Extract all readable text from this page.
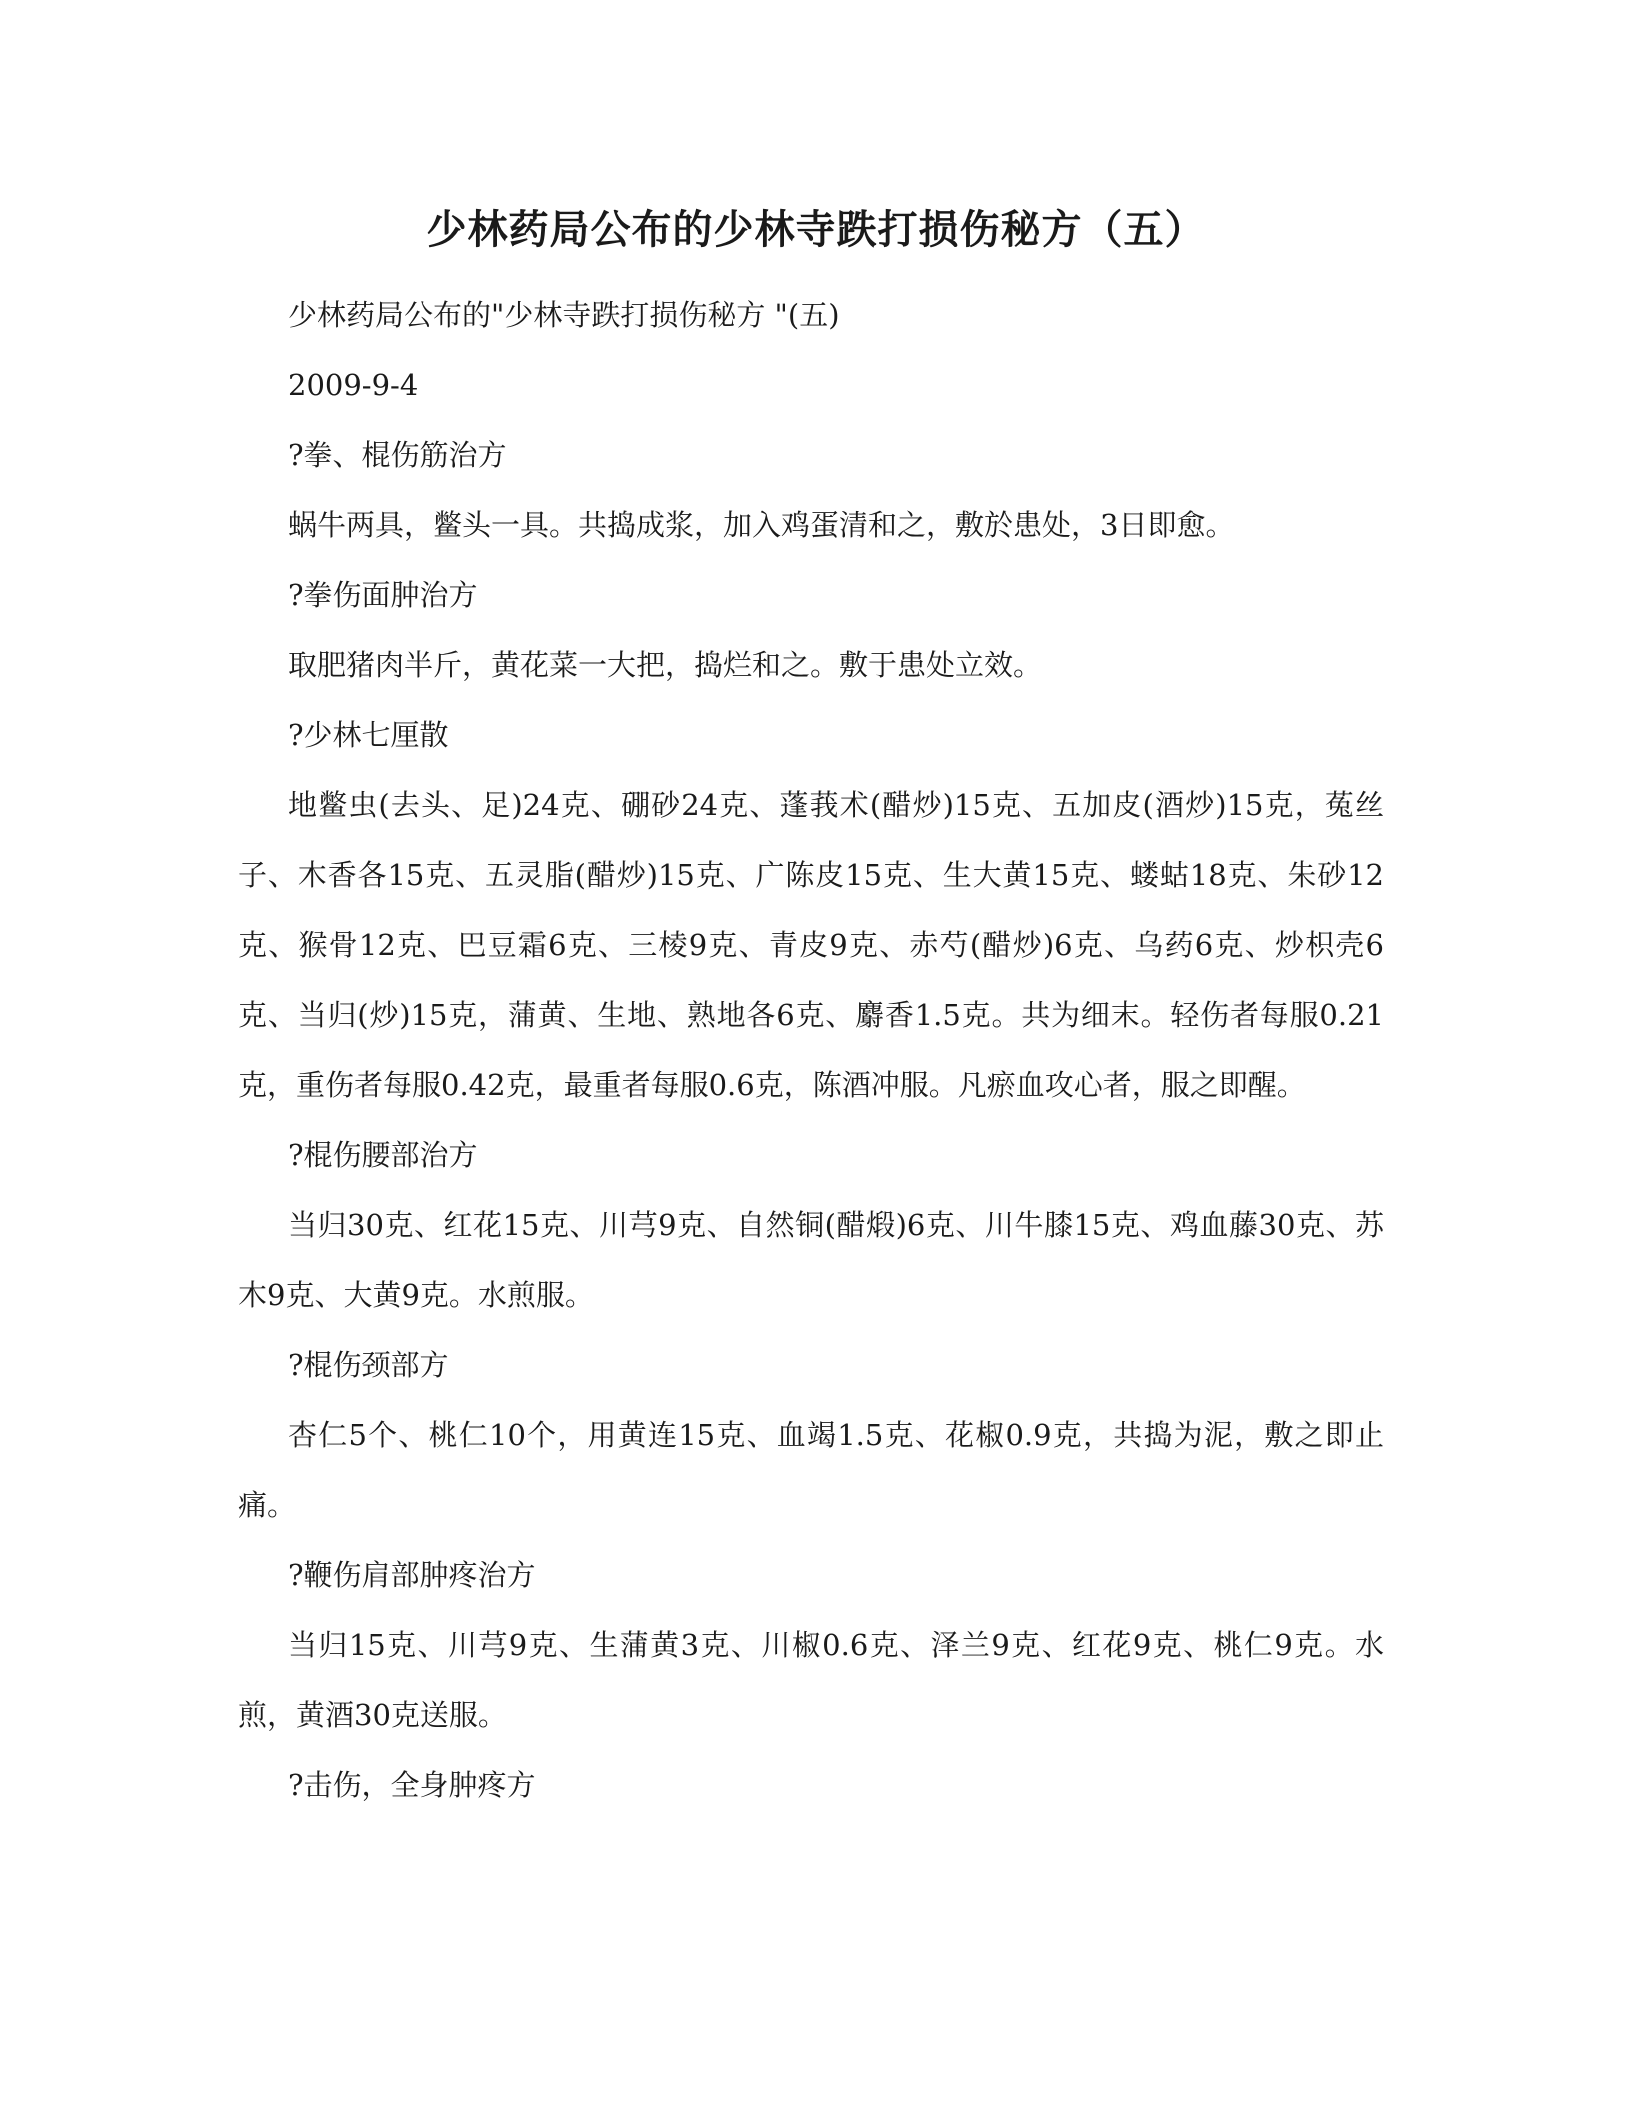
少林药局公布的少林寺跌打损伤秘方（五）

少林药局公布的"少林寺跌打损伤秘方 "(五)

2009-9-4

?拳、棍伤筋治方

蜗牛两具，鳖头一具。共捣成浆，加入鸡蛋清和之，敷於患处，3日即愈。

?拳伤面肿治方

取肥猪肉半斤，黄花菜一大把，捣烂和之。敷于患处立效。

?少林七厘散

地鳖虫(去头、足)24克、硼砂24克、蓬莪术(醋炒)15克、五加皮(酒炒)15克，菟丝子、木香各15克、五灵脂(醋炒)15克、广陈皮15克、生大黄15克、蝼蛄18克、朱砂12克、猴骨12克、巴豆霜6克、三棱9克、青皮9克、赤芍(醋炒)6克、乌药6克、炒枳壳6克、当归(炒)15克，蒲黄、生地、熟地各6克、麝香1.5克。共为细末。轻伤者每服0.21克，重伤者每服0.42克，最重者每服0.6克，陈酒冲服。凡瘀血攻心者，服之即醒。

?棍伤腰部治方

当归30克、红花15克、川芎9克、自然铜(醋煅)6克、川牛膝15克、鸡血藤30克、苏木9克、大黄9克。水煎服。

?棍伤颈部方

杏仁5个、桃仁10个，用黄连15克、血竭1.5克、花椒0.9克，共捣为泥，敷之即止痛。

?鞭伤肩部肿疼治方

当归15克、川芎9克、生蒲黄3克、川椒0.6克、泽兰9克、红花9克、桃仁9克。水煎，黄酒30克送服。

?击伤，全身肿疼方
